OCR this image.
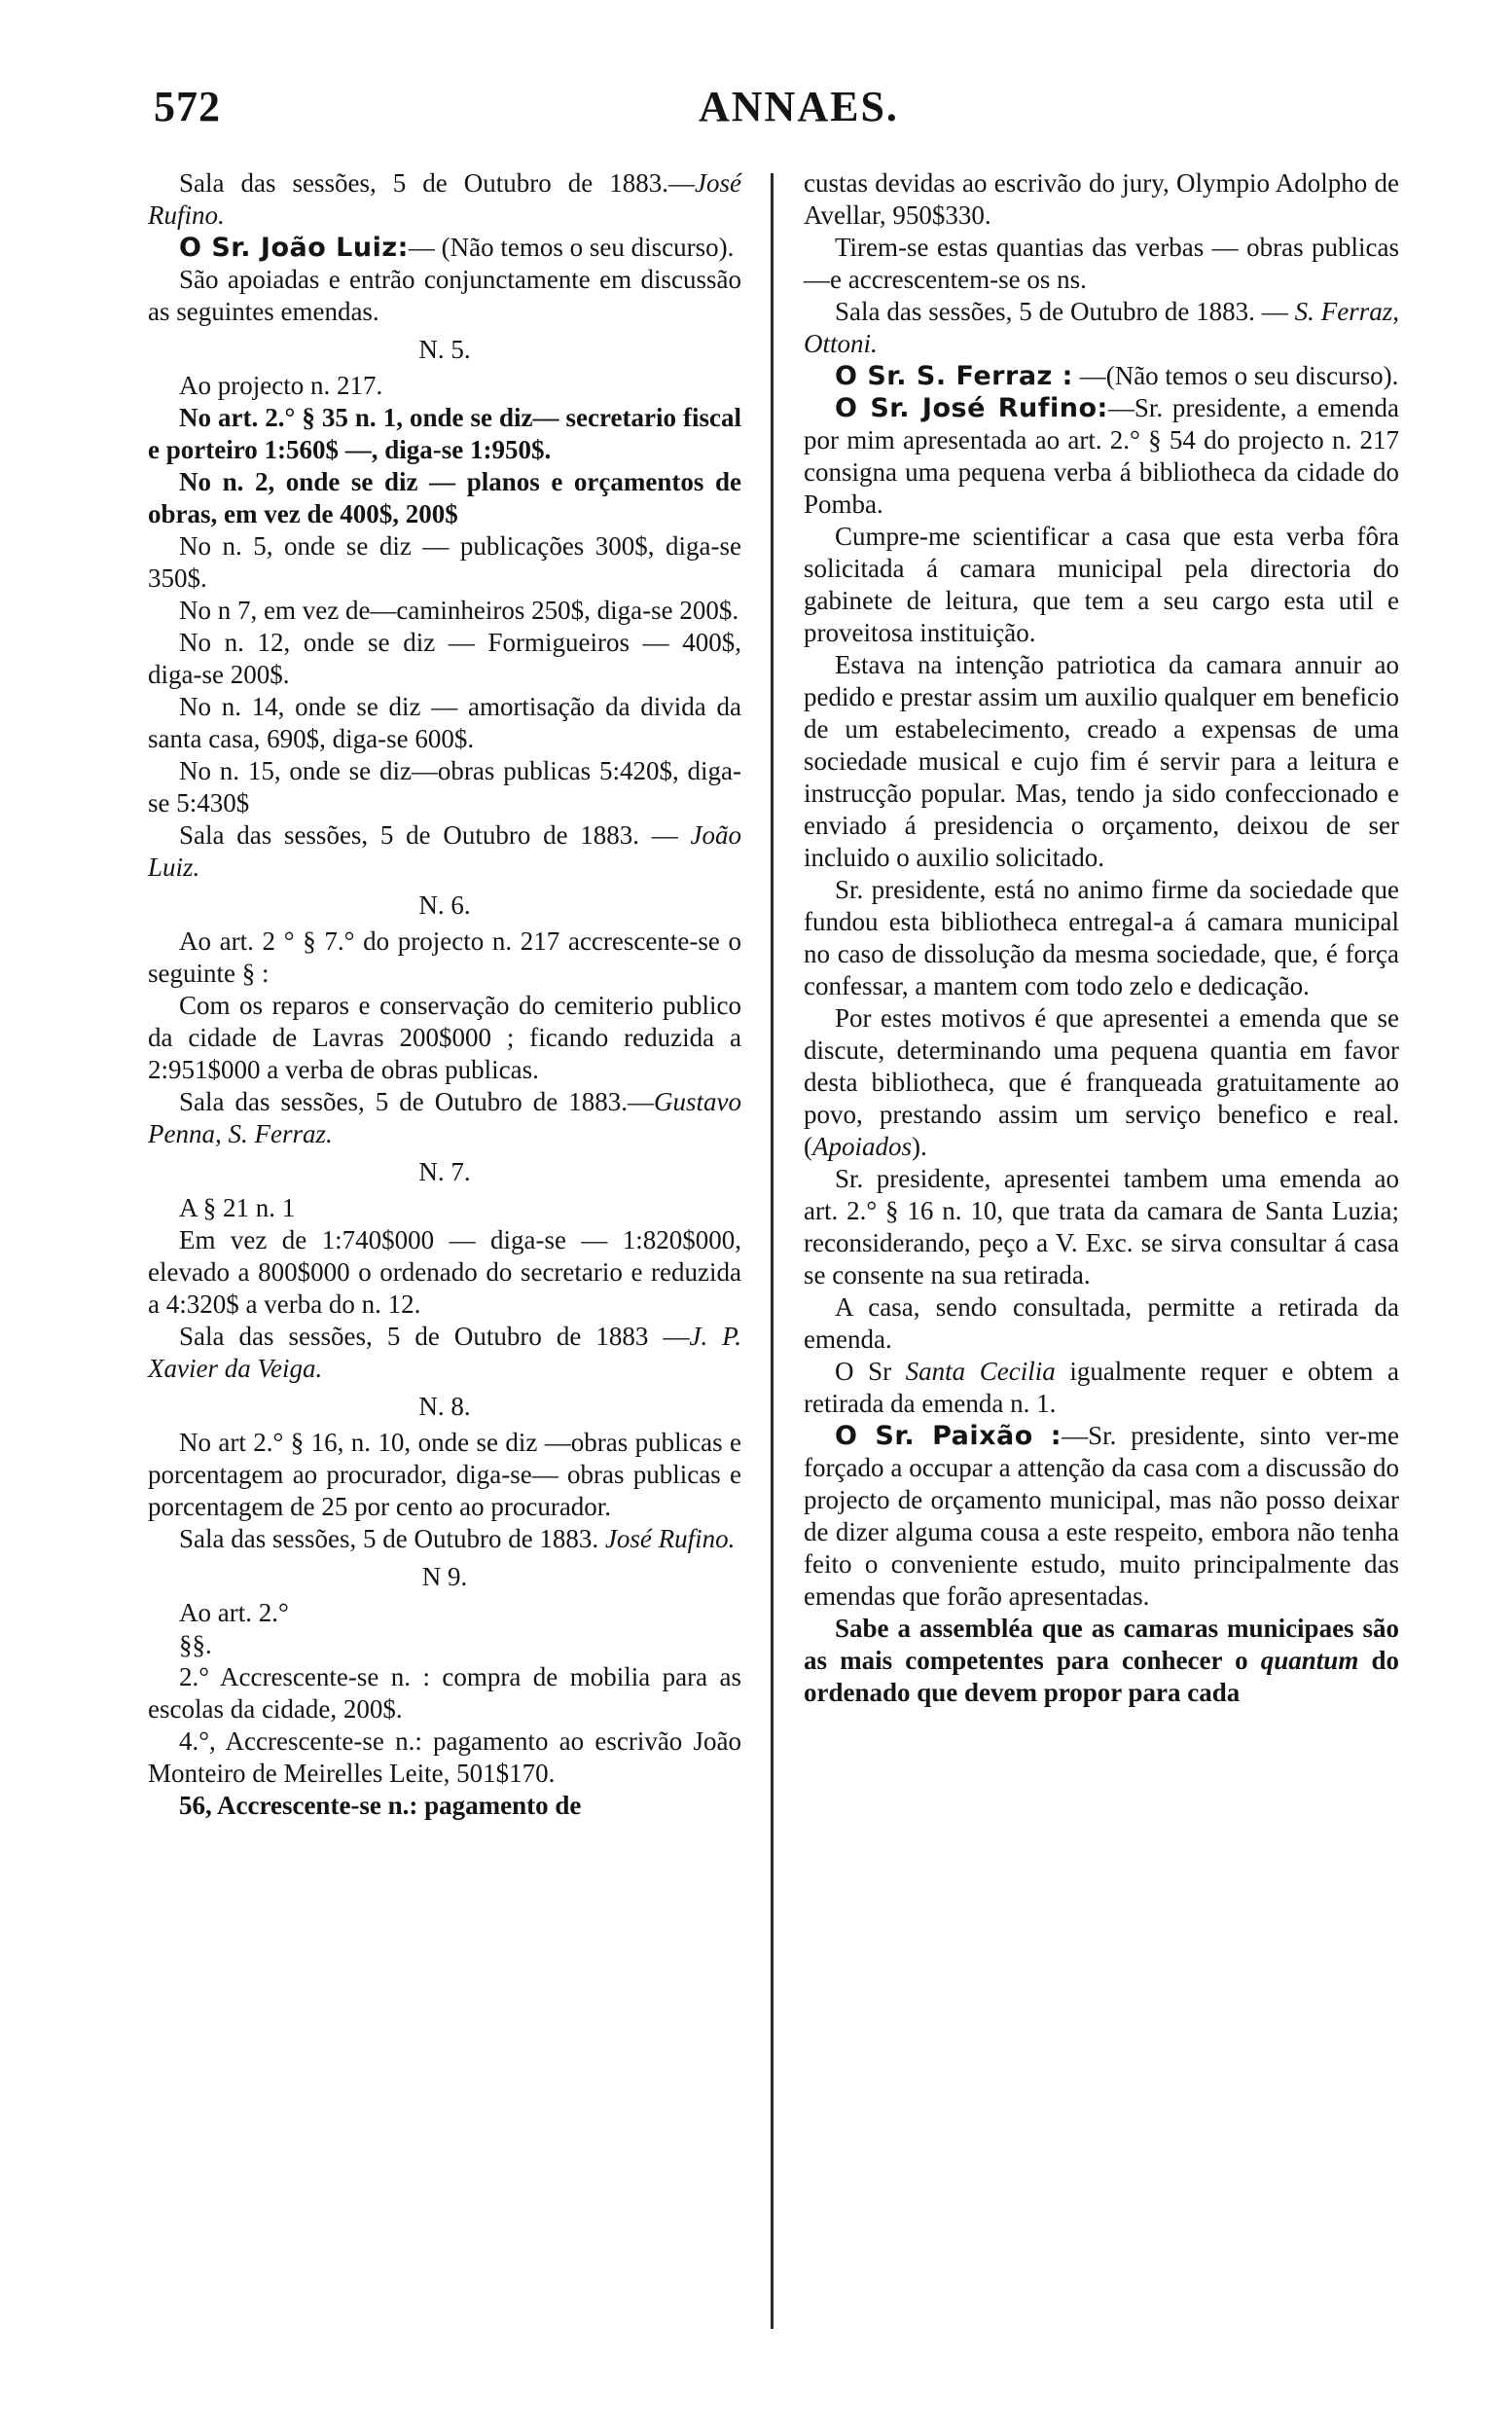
572	ANNAES.

Sala das sessões, 5 de Outubro de 1883.—José Rufino.

O Sr. João Luiz:— (Não temos o seu discurso).

São apoiadas e entrão conjunctamente em discussão as seguintes emendas.

N. 5.

Ao projecto n. 217.

No art. 2.° § 35 n. 1, onde se diz— secretario fiscal e porteiro 1:560$ —, diga-se 1:950$.

No n. 2, onde se diz — planos e orçamentos de obras, em vez de 400$, 200$

No n. 5, onde se diz — publicações 300$, diga-se 350$.

No n 7, em vez de—caminheiros 250$, diga-se 200$.

No n. 12, onde se diz — Formigueiros — 400$, diga-se 200$.

No n. 14, onde se diz — amortisação da divida da santa casa, 690$, diga-se 600$.

No n. 15, onde se diz—obras publicas 5:420$, diga-se 5:430$

Sala das sessões, 5 de Outubro de 1883. — João Luiz.

N. 6.

Ao art. 2 ° § 7.° do projecto n. 217 accrescente-se o seguinte § :

Com os reparos e conservação do cemiterio publico da cidade de Lavras 200$000 ; ficando reduzida a 2:951$000 a verba de obras publicas.

Sala das sessões, 5 de Outubro de 1883.—Gustavo Penna, S. Ferraz.

N. 7.

A § 21 n. 1

Em vez de 1:740$000 — diga-se — 1:820$000, elevado a 800$000 o ordenado do secretario e reduzida a 4:320$ a verba do n. 12.

Sala das sessões, 5 de Outubro de 1883 —J. P. Xavier da Veiga.

N. 8.

No art 2.° § 16, n. 10, onde se diz —obras publicas e porcentagem ao procurador, diga-se— obras publicas e porcentagem de 25 por cento ao procurador.

Sala das sessões, 5 de Outubro de 1883. José Rufino.

N 9.

Ao art. 2.°

§§.

2.° Accrescente-se n. : compra de mobilia para as escolas da cidade, 200$.

4.°, Accrescente-se n.: pagamento ao escrivão João Monteiro de Meirelles Leite, 501$170.

56, Accrescente-se n.: pagamento de

custas devidas ao escrivão do jury, Olympio Adolpho de Avellar, 950$330.

Tirem-se estas quantias das verbas — obras publicas—e accrescentem-se os ns.

Sala das sessões, 5 de Outubro de 1883. — S. Ferraz, Ottoni.

O Sr. S. Ferraz : —(Não temos o seu discurso).

O Sr. José Rufino:—Sr. presidente, a emenda por mim apresentada ao art. 2.° § 54 do projecto n. 217 consigna uma pequena verba á bibliotheca da cidade do Pomba.

Cumpre-me scientificar a casa que esta verba fôra solicitada á camara municipal pela directoria do gabinete de leitura, que tem a seu cargo esta util e proveitosa instituição.

Estava na intenção patriotica da camara annuir ao pedido e prestar assim um auxilio qualquer em beneficio de um estabelecimento, creado a expensas de uma sociedade musical e cujo fim é servir para a leitura e instrucção popular. Mas, tendo ja sido confeccionado e enviado á presidencia o orçamento, deixou de ser incluido o auxilio solicitado.

Sr. presidente, está no animo firme da sociedade que fundou esta bibliotheca entregal-a á camara municipal no caso de dissolução da mesma sociedade, que, é força confessar, a mantem com todo zelo e dedicação.

Por estes motivos é que apresentei a emenda que se discute, determinando uma pequena quantia em favor desta bibliotheca, que é franqueada gratuitamente ao povo, prestando assim um serviço benefico e real. (Apoiados).

Sr. presidente, apresentei tambem uma emenda ao art. 2.° § 16 n. 10, que trata da camara de Santa Luzia; reconsiderando, peço a V. Exc. se sirva consultar á casa se consente na sua retirada.

A casa, sendo consultada, permitte a retirada da emenda.

O Sr Santa Cecilia igualmente requer e obtem a retirada da emenda n. 1.

O Sr. Paixão :—Sr. presidente, sinto ver-me forçado a occupar a attenção da casa com a discussão do projecto de orçamento municipal, mas não posso deixar de dizer alguma cousa a este respeito, embora não tenha feito o conveniente estudo, muito principalmente das emendas que forão apresentadas.

Sabe a assembléa que as camaras municipaes são as mais competentes para conhecer o quantum do ordenado que devem propor para cada
